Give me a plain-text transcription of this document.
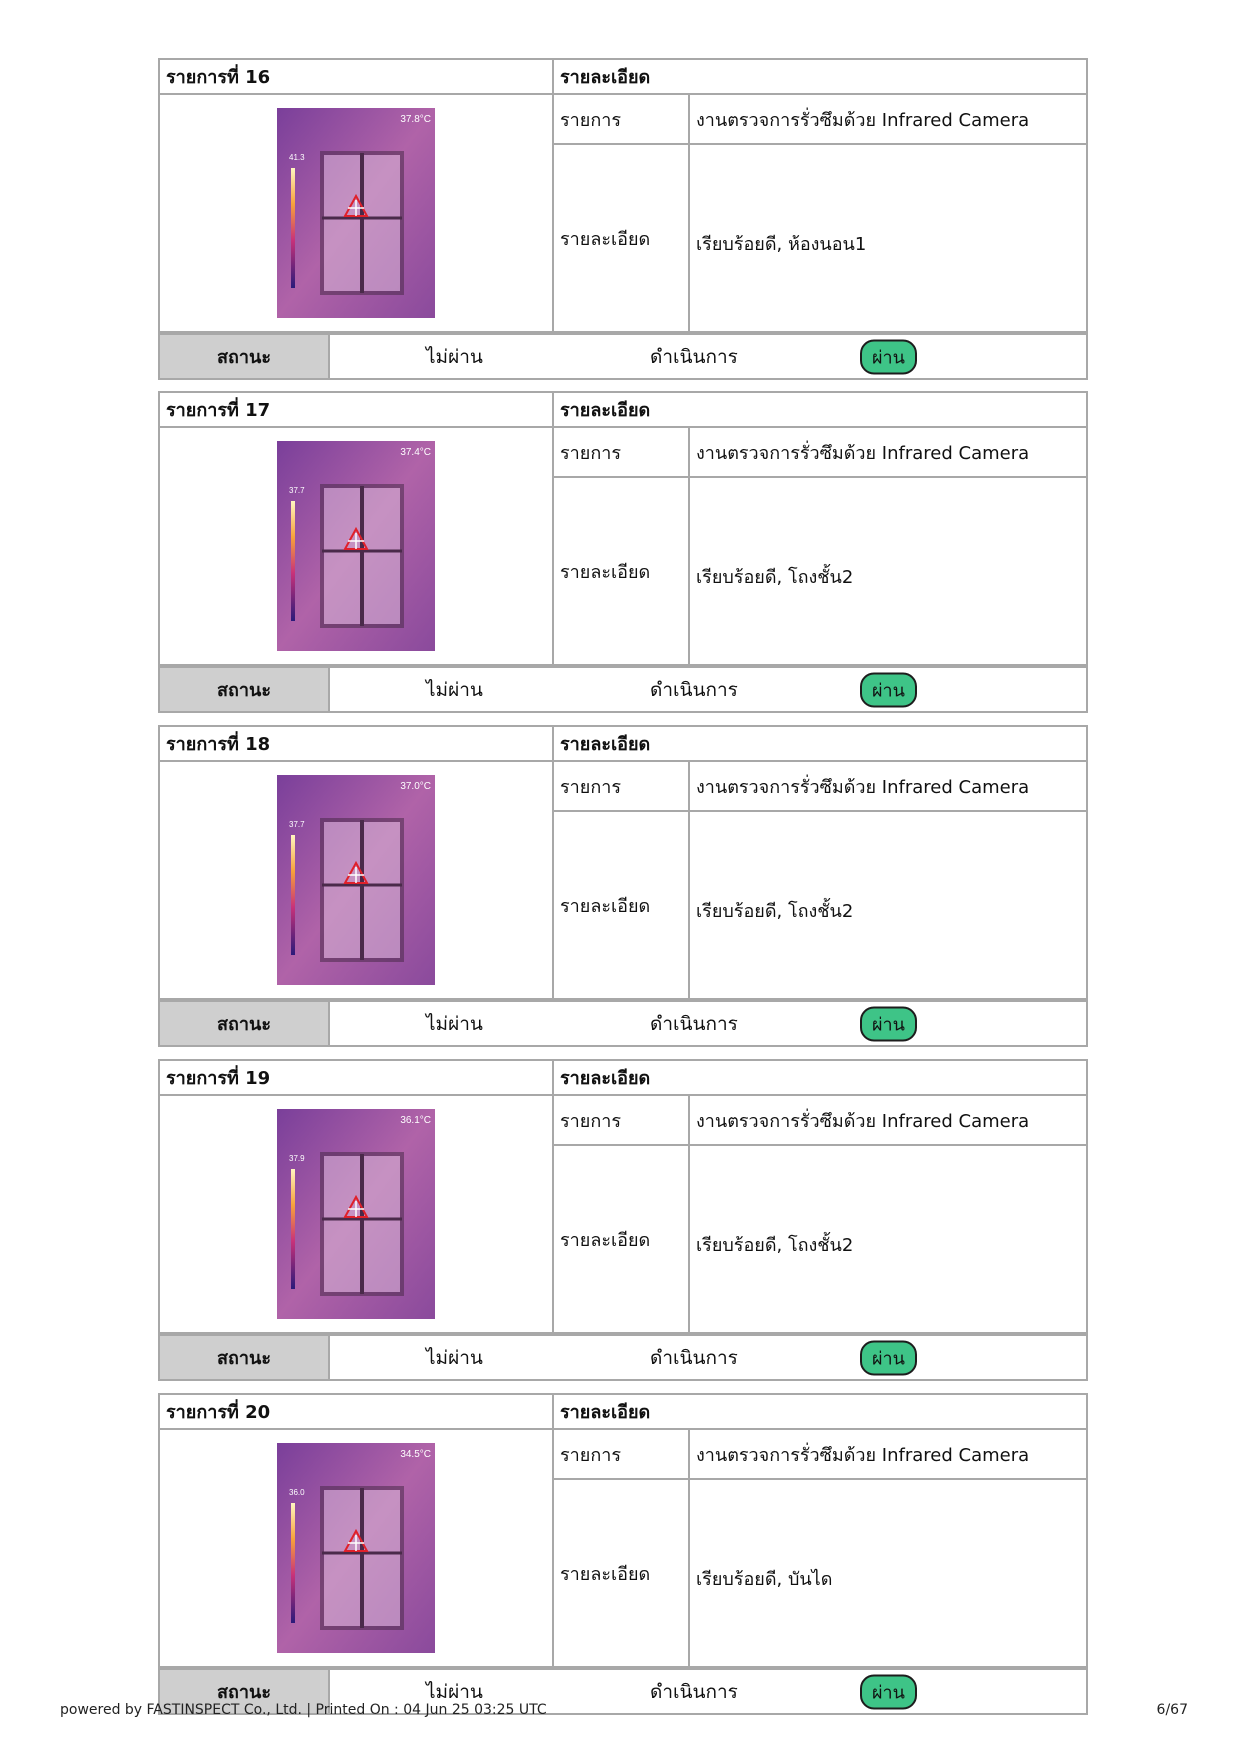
รายการที่ 16	รายละเอียด	

37.8°C
41.3	รายการ	งานตรวจการรั่วซึมด้วย Infrared Camera
	รายละเอียด	เรียบร้อยดี, ห้องนอน1
สถานะ	ไม่ผ่าน	ดำเนินการ	ผ่าน
รายการที่ 17	รายละเอียด	

37.4°C
37.7	รายการ	งานตรวจการรั่วซึมด้วย Infrared Camera
	รายละเอียด	เรียบร้อยดี, โถงชั้น2
สถานะ	ไม่ผ่าน	ดำเนินการ	ผ่าน
รายการที่ 18	รายละเอียด	

37.0°C
37.7	รายการ	งานตรวจการรั่วซึมด้วย Infrared Camera
	รายละเอียด	เรียบร้อยดี, โถงชั้น2
สถานะ	ไม่ผ่าน	ดำเนินการ	ผ่าน
รายการที่ 19	รายละเอียด	

36.1°C
37.9	รายการ	งานตรวจการรั่วซึมด้วย Infrared Camera
	รายละเอียด	เรียบร้อยดี, โถงชั้น2
สถานะ	ไม่ผ่าน	ดำเนินการ	ผ่าน
รายการที่ 20	รายละเอียด	

34.5°C
36.0	รายการ	งานตรวจการรั่วซึมด้วย Infrared Camera
	รายละเอียด	เรียบร้อยดี, บันได
สถานะ	ไม่ผ่าน	ดำเนินการ	ผ่าน
powered by FASTINSPECT Co., Ltd. | Printed On : 04 Jun 25 03:25 UTC	6/67
